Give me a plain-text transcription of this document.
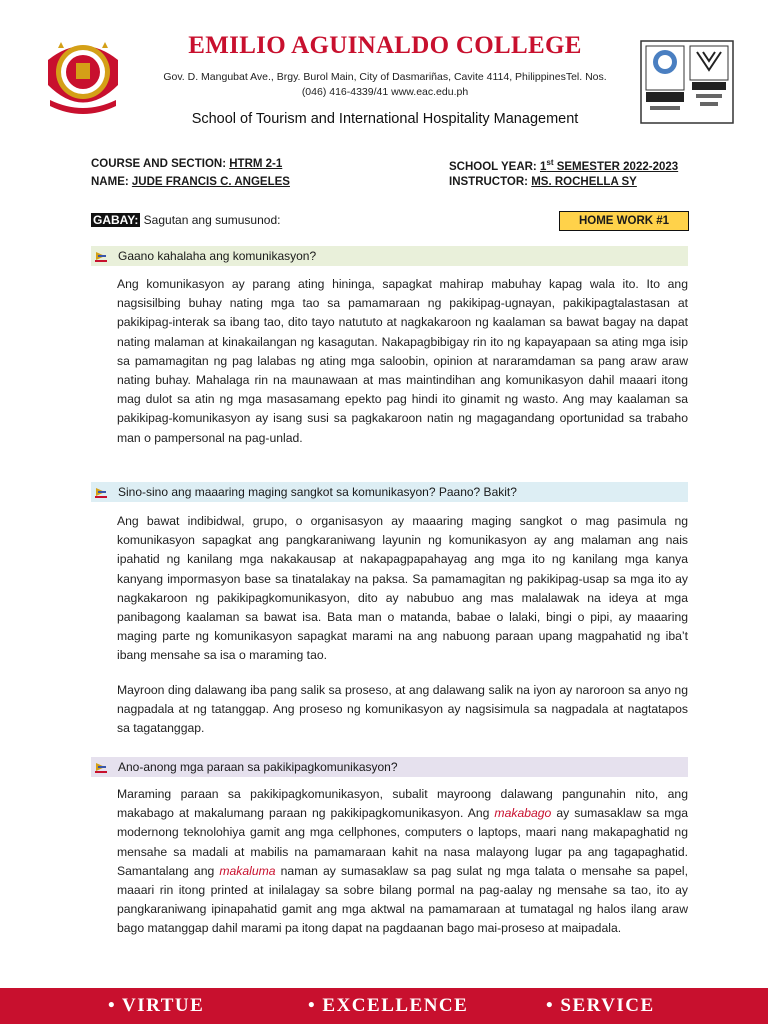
EMILIO AGUINALDO COLLEGE
Gov. D. Mangubat Ave., Brgy. Burol Main, City of Dasmariñas, Cavite 4114, PhilippinesTel. Nos.
(046) 416-4339/41 www.eac.edu.ph
School of Tourism and International Hospitality Management
COURSE AND SECTION: HTRM 2-1
NAME: JUDE FRANCIS C. ANGELES
SCHOOL YEAR: 1st SEMESTER 2022-2023
INSTRUCTOR: MS. ROCHELLA SY
GABAY: Sagutan ang sumusunod:	HOME WORK #1
Gaano kahalaha ang komunikasyon?

Ang komunikasyon ay parang ating hininga, sapagkat mahirap mabuhay kapag wala ito. Ito ang nagsisilbing buhay nating mga tao sa pamamaraan ng pakikipag-ugnayan, pakikipagtalastasan at pakikipag-interak sa ibang tao, dito tayo natututo at nagkakaroon ng kaalaman sa bawat bagay na dapat nating malaman at kinakailangan ng kasagutan. Nakapagbibigay rin ito ng kapayapaan sa ating mga isip sa pamamagitan ng pag lalabas ng ating mga saloobin, opinion at nararamdaman sa pang araw araw nating buhay. Mahalaga rin na maunawaan at mas maintindihan ang komunikasyon dahil maaari itong mag dulot sa atin ng mga masasamang epekto pag hindi ito ginamit ng wasto. Ang may kaalaman sa pakikipag-komunikasyon ay isang susi sa pagkakaroon natin ng magagandang oportunidad sa trabaho man o pampersonal na pag-unlad.

Sino-sino ang maaaring maging sangkot sa komunikasyon? Paano? Bakit?

Ang bawat indibidwal, grupo, o organisasyon ay maaaring maging sangkot o mag pasimula ng komunikasyon sapagkat ang pangkaraniwang layunin ng komunikasyon ay ang malaman ang nais ipahatid ng kanilang mga nakakausap at nakapagpapahayag ang mga ito ng kanilang mga kanya kanyang impormasyon base sa tinatalakay na paksa. Sa pamamagitan ng pakikipag-usap sa mga ito ay nagkakaroon ng pakikipagkomunikasyon, dito ay nabubuo ang mas malalawak na ideya at mga panibagong kaalaman sa bawat isa. Bata man o matanda, babae o lalaki, bingi o pipi, ay maaaring maging parte ng komunikasyon sapagkat marami na ang nabuong paraan upang magpahatid ng iba’t ibang mensahe sa isa o maraming tao.

Mayroon ding dalawang iba pang salik sa proseso, at ang dalawang salik na iyon ay naroroon sa anyo ng nagpadala at ng tatanggap. Ang proseso ng komunikasyon ay nagsisimula sa nagpadala at nagtatapos sa tagatanggap.

Ano-anong mga paraan sa pakikipagkomunikasyon?

Maraming paraan sa pakikipagkomunikasyon, subalit mayroong dalawang pangunahin nito, ang makabago at makalumang paraan ng pakikipagkomunikasyon. Ang makabago ay sumasaklaw sa mga modernong teknolohiya gamit ang mga cellphones, computers o laptops, maari nang makapaghatid ng mensahe sa madali at mabilis na pamamaraan kahit na nasa malayong lugar pa ang tagapaghatid. Samantalang ang makaluma naman ay sumasaklaw sa pag sulat ng mga talata o mensahe sa papel, maaari rin itong printed at inilalagay sa sobre bilang pormal na pag-aalay ng mensahe sa tao, ito ay pangkaraniwang ipinapahatid gamit ang mga aktwal na pamamaraan at tumatagal ng halos ilang araw bago matanggap dahil marami pa itong dapat na pagdaanan bago mai-proseso at maipadala.

• VIRTUE	• EXCELLENCE	• SERVICE
